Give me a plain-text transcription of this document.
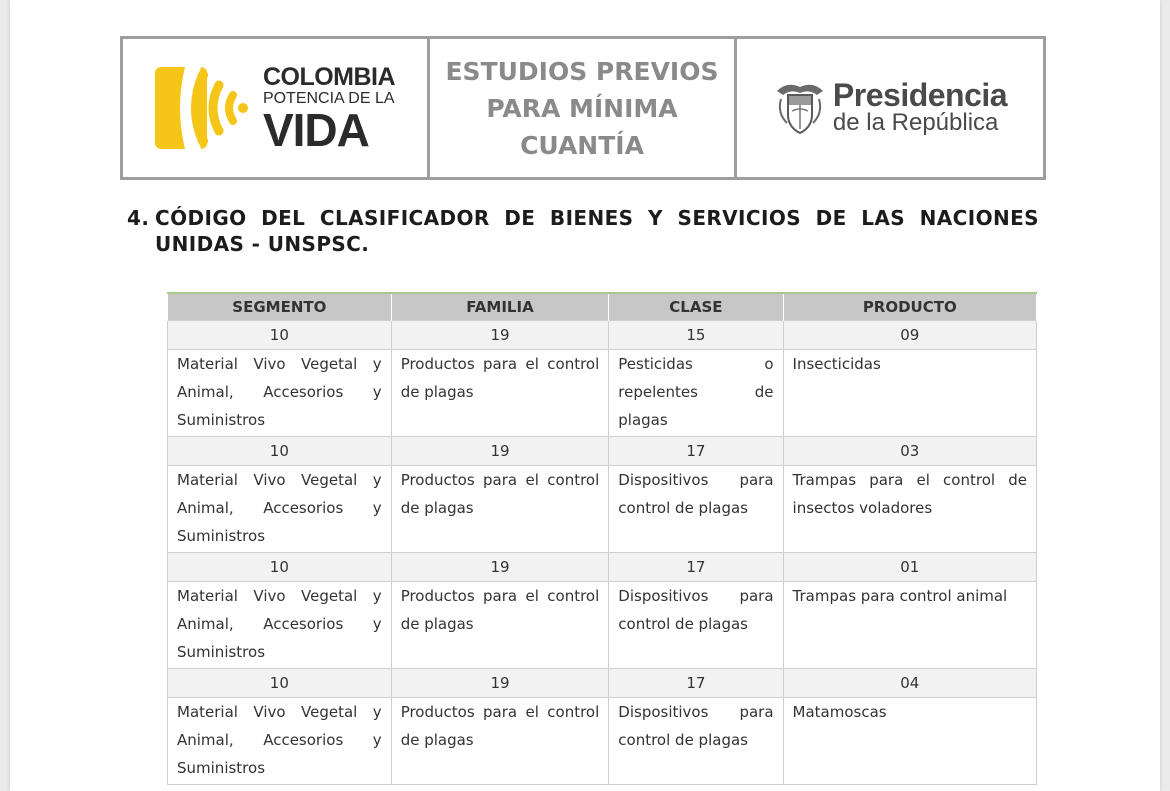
COLOMBIA
POTENCIA DE LA
VIDA
ESTUDIOS PREVIOS
PARA MÍNIMA
CUANTÍA
Presidencia
de la República
4. CÓDIGO DEL CLASIFICADOR DE BIENES Y SERVICIOS DE LAS NACIONES UNIDAS - UNSPSC.
SEGMENTO	FAMILIA	CLASE	PRODUCTO
10	19	15	09
Material Vivo Vegetal y Animal, Accesorios y Suministros	Productos para el control de plagas	Pesticidas o repelentes de plagas	Insecticidas
10	19	17	03
Material Vivo Vegetal y Animal, Accesorios y Suministros	Productos para el control de plagas	Dispositivos para control de plagas	Trampas para el control de insectos voladores
10	19	17	01
Material Vivo Vegetal y Animal, Accesorios y Suministros	Productos para el control de plagas	Dispositivos para control de plagas	Trampas para control animal
10	19	17	04
Material Vivo Vegetal y Animal, Accesorios y Suministros	Productos para el control de plagas	Dispositivos para control de plagas	Matamoscas
